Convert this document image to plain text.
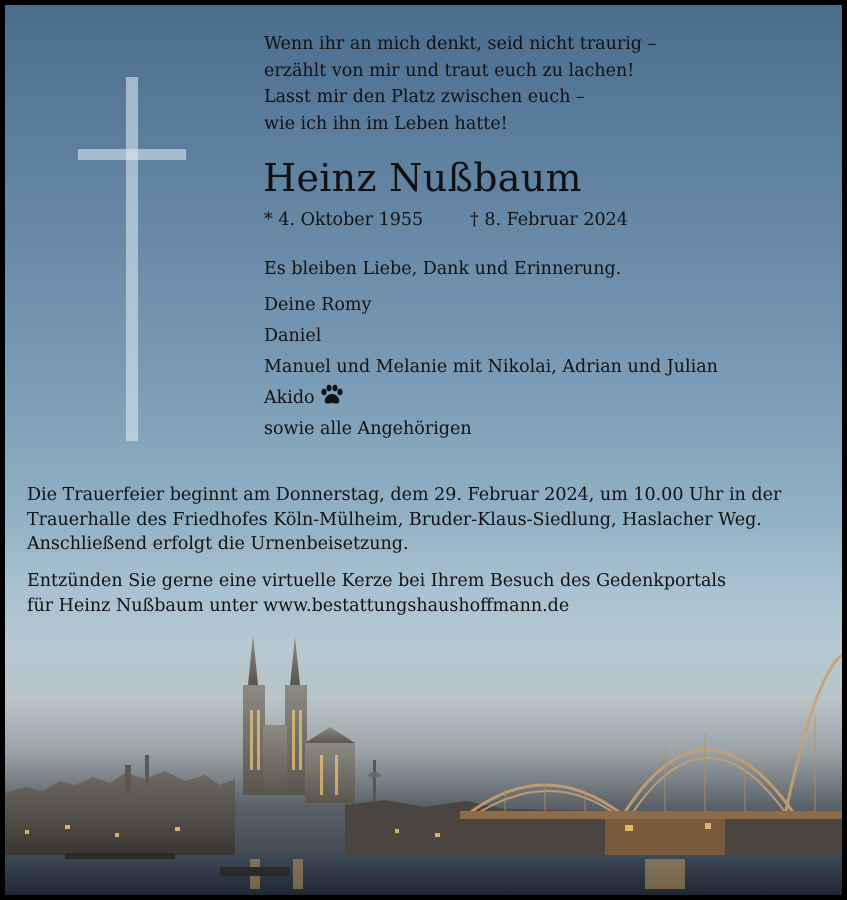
Wenn ihr an mich denkt, seid nicht traurig –
erzählt von mir und traut euch zu lachen!
Lasst mir den Platz zwischen euch –
wie ich ihn im Leben hatte!
Heinz Nußbaum
* 4. Oktober 1955	† 8. Februar 2024
Es bleiben Liebe, Dank und Erinnerung.
Deine Romy
Daniel
Manuel und Melanie mit Nikolai, Adrian und Julian
Akido
sowie alle Angehörigen
Die Trauerfeier beginnt am Donnerstag, dem 29. Februar 2024, um 10.00 Uhr in der
Trauerhalle des Friedhofes Köln-Mülheim, Bruder-Klaus-Siedlung, Haslacher Weg.
Anschließend erfolgt die Urnenbeisetzung.
Entzünden Sie gerne eine virtuelle Kerze bei Ihrem Besuch des Gedenkportals
für Heinz Nußbaum unter www.bestattungshaushoffmann.de
